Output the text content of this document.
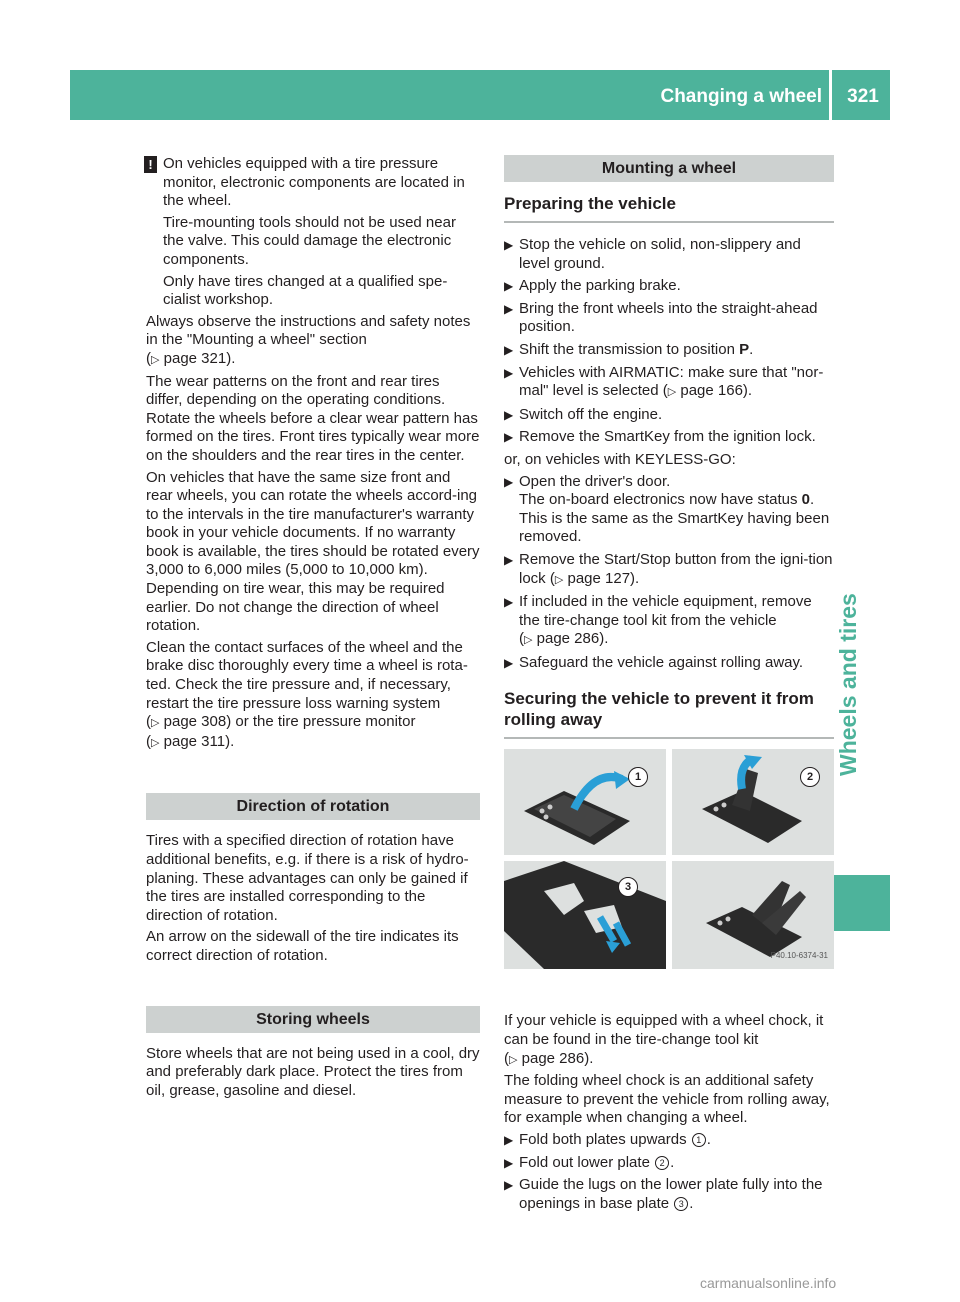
Changing a wheel	321
Wheels and tires
! On vehicles equipped with a tire pressure monitor, electronic components are located in the wheel.

Tire-mounting tools should not be used near the valve. This could damage the electronic components.

Only have tires changed at a qualified spe-cialist workshop.

Always observe the instructions and safety notes in the "Mounting a wheel" section
(▷ page 321).

The wear patterns on the front and rear tires differ, depending on the operating conditions. Rotate the wheels before a clear wear pattern has formed on the tires. Front tires typically wear more on the shoulders and the rear tires in the center.

On vehicles that have the same size front and rear wheels, you can rotate the wheels accord-ing to the intervals in the tire manufacturer's warranty book in your vehicle documents. If no warranty book is available, the tires should be rotated every 3,000 to 6,000 miles (5,000 to 10,000 km). Depending on tire wear, this may be required earlier. Do not change the direction of wheel rotation.

Clean the contact surfaces of the wheel and the brake disc thoroughly every time a wheel is rota-ted. Check the tire pressure and, if necessary, restart the tire pressure loss warning system
(▷ page 308) or the tire pressure monitor
(▷ page 311).

Direction of rotation

Tires with a specified direction of rotation have additional benefits, e.g. if there is a risk of hydro-planing. These advantages can only be gained if the tires are installed corresponding to the direction of rotation.

An arrow on the sidewall of the tire indicates its correct direction of rotation.

Storing wheels

Store wheels that are not being used in a cool, dry and preferably dark place. Protect the tires from oil, grease, gasoline and diesel.

Mounting a wheel
Preparing the vehicle
▶ Stop the vehicle on solid, non-slippery and level ground.
▶ Apply the parking brake.
▶ Bring the front wheels into the straight-ahead position.
▶ Shift the transmission to position P.
▶ Vehicles with AIRMATIC: make sure that "nor-mal" level is selected (▷ page 166).
▶ Switch off the engine.
▶ Remove the SmartKey from the ignition lock.

or, on vehicles with KEYLESS-GO:

▶ Open the driver's door.
The on-board electronics now have status 0. This is the same as the SmartKey having been removed.
▶ Remove the Start/Stop button from the igni-tion lock (▷ page 127).
▶ If included in the vehicle equipment, remove the tire-change tool kit from the vehicle
(▷ page 286).
▶ Safeguard the vehicle against rolling away.
Securing the vehicle to prevent it from rolling away
1	2
3
P40.10-6374-31

If your vehicle is equipped with a wheel chock, it can be found in the tire-change tool kit
(▷ page 286).

The folding wheel chock is an additional safety measure to prevent the vehicle from rolling away, for example when changing a wheel.

▶ Fold both plates upwards 1 .
▶ Fold out lower plate 2 .
▶ Guide the lugs on the lower plate fully into the openings in base plate 3 .
carmanualsonline.info
